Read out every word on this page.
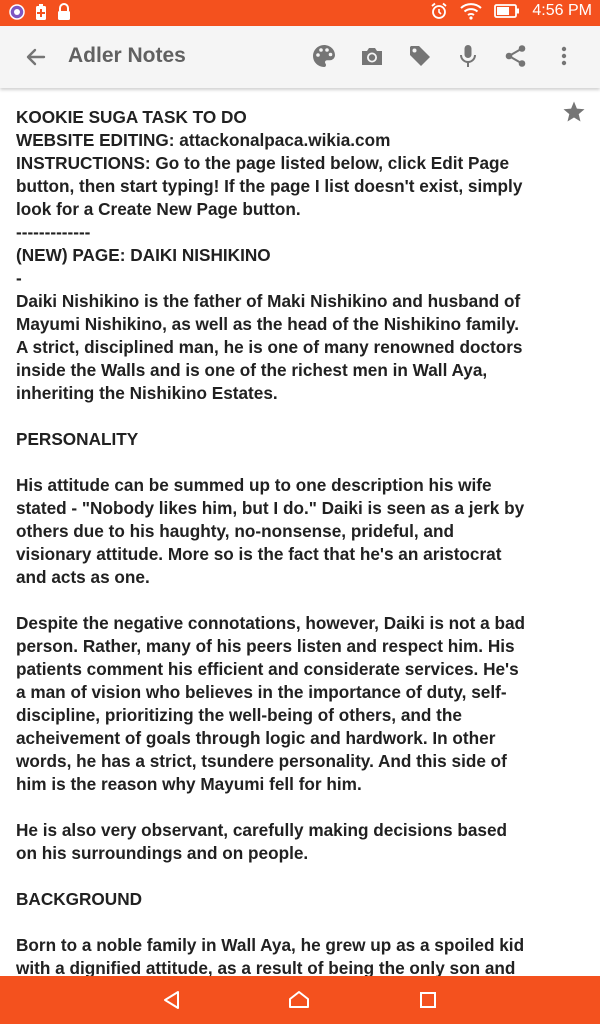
4:56 PM
Adler Notes
KOOKIE SUGA TASK TO DO
WEBSITE EDITING: attackonalpaca.wikia.com
INSTRUCTIONS: Go to the page listed below, click Edit Page
button, then start typing! If the page I list doesn't exist, simply
look for a Create New Page button.
-------------
(NEW) PAGE: DAIKI NISHIKINO
-
Daiki Nishikino is the father of Maki Nishikino and husband of
Mayumi Nishikino, as well as the head of the Nishikino family.
A strict, disciplined man, he is one of many renowned doctors
inside the Walls and is one of the richest men in Wall Aya,
inheriting the Nishikino Estates.

PERSONALITY

His attitude can be summed up to one description his wife
stated - "Nobody likes him, but I do." Daiki is seen as a jerk by
others due to his haughty, no-nonsense, prideful, and
visionary attitude. More so is the fact that he's an aristocrat
and acts as one.

Despite the negative connotations, however, Daiki is not a bad
person. Rather, many of his peers listen and respect him. His
patients comment his efficient and considerate services. He's
a man of vision who believes in the importance of duty, self-
discipline, prioritizing the well-being of others, and the
acheivement of goals through logic and hardwork. In other
words, he has a strict, tsundere personality. And this side of
him is the reason why Mayumi fell for him.

He is also very observant, carefully making decisions based
on his surroundings and on people.

BACKGROUND

Born to a noble family in Wall Aya, he grew up as a spoiled kid
with a dignified attitude, as a result of being the only son and
